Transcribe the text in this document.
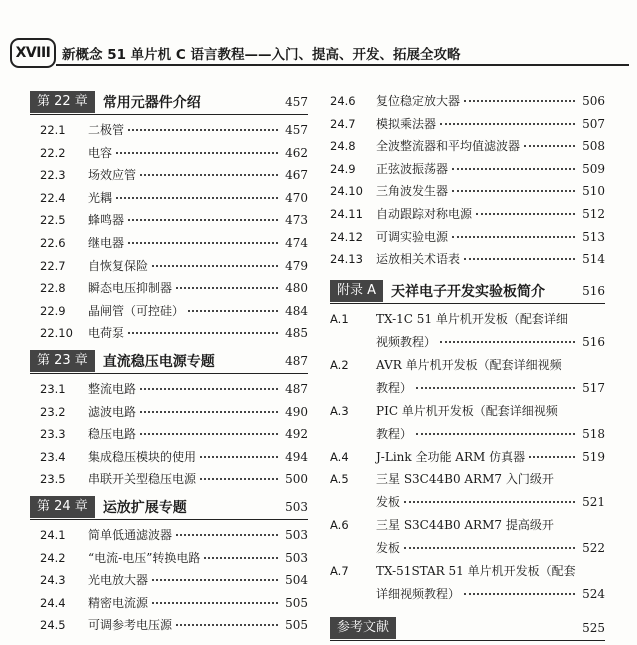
XVIII 新概念 51 单片机 C 语言教程——入门、提高、开发、拓展全攻略
第 22 章	常用元器件介绍	457
22.1	二极管	457
22.2	电容	462
22.3	场效应管	467
22.4	光耦	470
22.5	蜂鸣器	473
22.6	继电器	474
22.7	自恢复保险	479
22.8	瞬态电压抑制器	480
22.9	晶闸管（可控硅）	484
22.10	电荷泵	485
第 23 章	直流稳压电源专题	487
23.1	整流电路	487
23.2	滤波电路	490
23.3	稳压电路	492
23.4	集成稳压模块的使用	494
23.5	串联开关型稳压电源	500
第 24 章	运放扩展专题	503
24.1	简单低通滤波器	503
24.2	“电流-电压”转换电路	503
24.3	光电放大器	504
24.4	精密电流源	505
24.5	可调参考电压源	505
24.6	复位稳定放大器	506
24.7	模拟乘法器	507
24.8	全波整流器和平均值滤波器	508
24.9	正弦波振荡器	509
24.10	三角波发生器	510
24.11	自动跟踪对称电源	512
24.12	可调实验电源	513
24.13	运放相关术语表	514
附录 A	天祥电子开发实验板简介	516
A.1	TX-1C 51 单片机开发板（配套详细
视频教程）	516
A.2	AVR 单片机开发板（配套详细视频
教程）	517
A.3	PIC 单片机开发板（配套详细视频
教程）	518
A.4	J-Link 全功能 ARM 仿真器	519
A.5	三星 S3C44B0 ARM7 入门级开
发板	521
A.6	三星 S3C44B0 ARM7 提高级开
发板	522
A.7	TX-51STAR 51 单片机开发板（配套
详细视频教程）	524
参考文献	525
